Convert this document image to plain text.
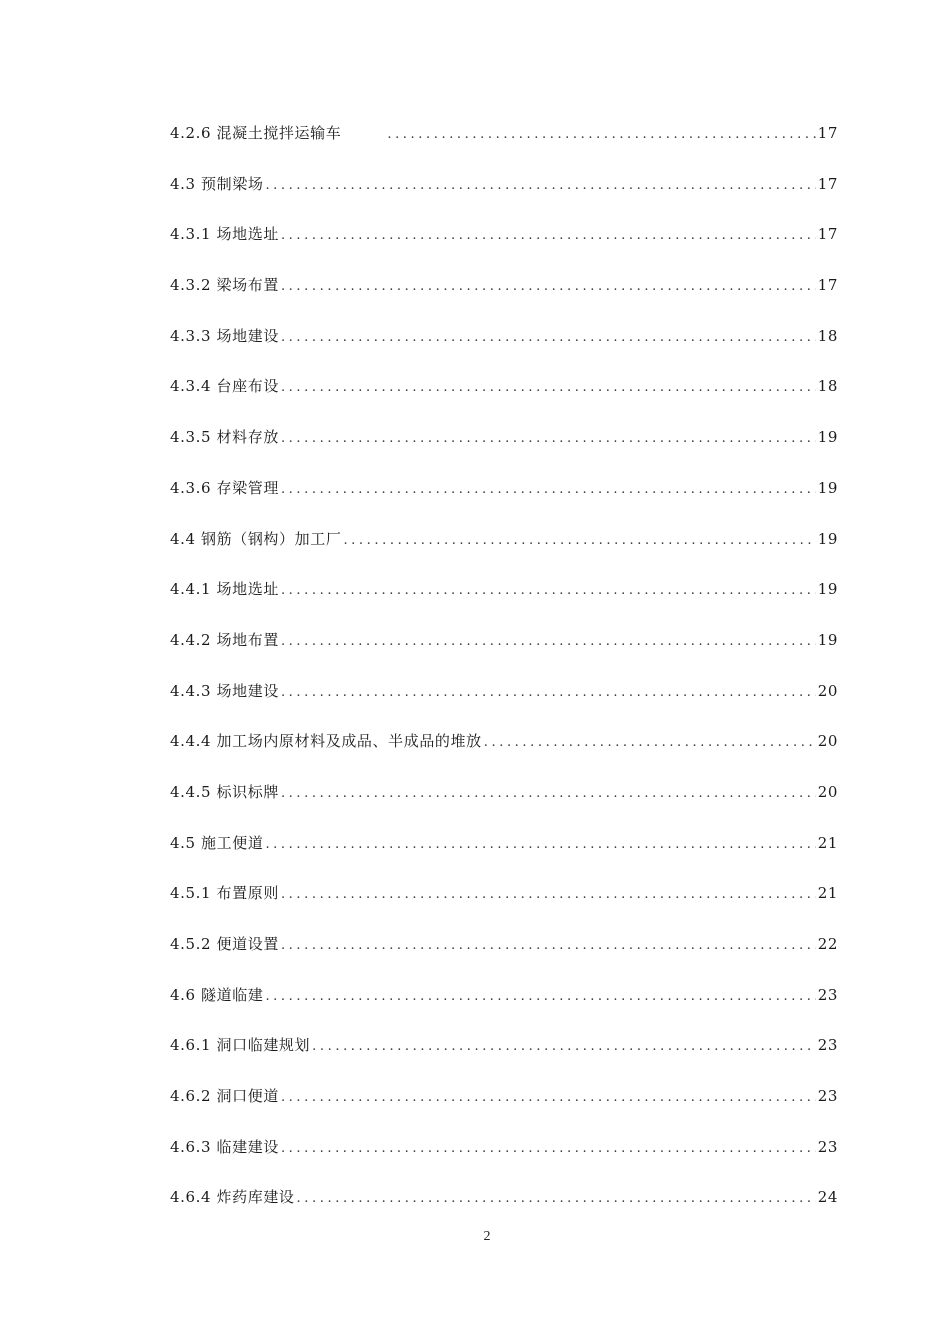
4.2.6 混凝土搅拌运输车 .....	17
4.3 预制梁场 .....	17
4.3.1 场地选址 .....	17
4.3.2 梁场布置 .....	17
4.3.3 场地建设 .....	18
4.3.4 台座布设 .....	18
4.3.5 材料存放 .....	19
4.3.6 存梁管理 .....	19
4.4 钢筋（钢构）加工厂 .....	19
4.4.1 场地选址 .....	19
4.4.2 场地布置 .....	19
4.4.3 场地建设 .....	20
4.4.4 加工场内原材料及成品、半成品的堆放 .....	20
4.4.5 标识标牌 .....	20
4.5 施工便道 .....	21
4.5.1 布置原则 .....	21
4.5.2 便道设置 .....	22
4.6 隧道临建 .....	23
4.6.1 洞口临建规划 .....	23
4.6.2 洞口便道 .....	23
4.6.3 临建建设 .....	23
4.6.4 炸药库建设 .....	24
2
